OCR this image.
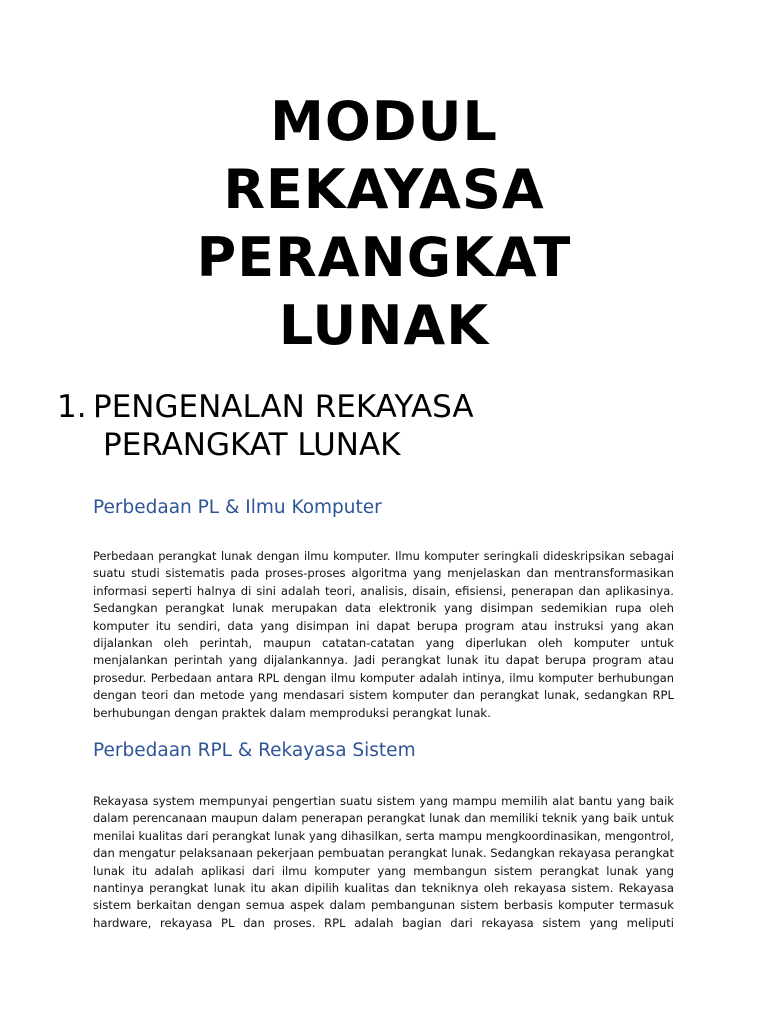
MODUL
REKAYASA
PERANGKAT
LUNAK
1. PENGENALAN REKAYASA
PERANGKAT LUNAK
Perbedaan PL & Ilmu Komputer
Perbedaan perangkat lunak dengan ilmu komputer. Ilmu komputer seringkali dideskripsikan sebagai
suatu studi sistematis pada proses-proses algoritma yang menjelaskan dan mentransformasikan
informasi seperti halnya di sini adalah teori, analisis, disain, efisiensi, penerapan dan aplikasinya.
Sedangkan perangkat lunak merupakan data elektronik yang disimpan sedemikian rupa oleh
komputer itu sendiri, data yang disimpan ini dapat berupa program atau instruksi yang akan
dijalankan oleh perintah, maupun catatan-catatan yang diperlukan oleh komputer untuk
menjalankan perintah yang dijalankannya. Jadi perangkat lunak itu dapat berupa program atau
prosedur. Perbedaan antara RPL dengan ilmu komputer adalah intinya, ilmu komputer berhubungan
dengan teori dan metode yang mendasari sistem komputer dan perangkat lunak, sedangkan RPL
berhubungan dengan praktek dalam memproduksi perangkat lunak.
Perbedaan RPL & Rekayasa Sistem
Rekayasa system mempunyai pengertian suatu sistem yang mampu memilih alat bantu yang baik
dalam perencanaan maupun dalam penerapan perangkat lunak dan memiliki teknik yang baik untuk
menilai kualitas dari perangkat lunak yang dihasilkan, serta mampu mengkoordinasikan, mengontrol,
dan mengatur pelaksanaan pekerjaan pembuatan perangkat lunak. Sedangkan rekayasa perangkat
lunak itu adalah aplikasi dari ilmu komputer yang membangun sistem perangkat lunak yang
nantinya perangkat lunak itu akan dipilih kualitas dan tekniknya oleh rekayasa sistem. Rekayasa
sistem berkaitan dengan semua aspek dalam pembangunan sistem berbasis komputer termasuk
hardware, rekayasa PL dan proses. RPL adalah bagian dari rekayasa sistem yang meliputi
